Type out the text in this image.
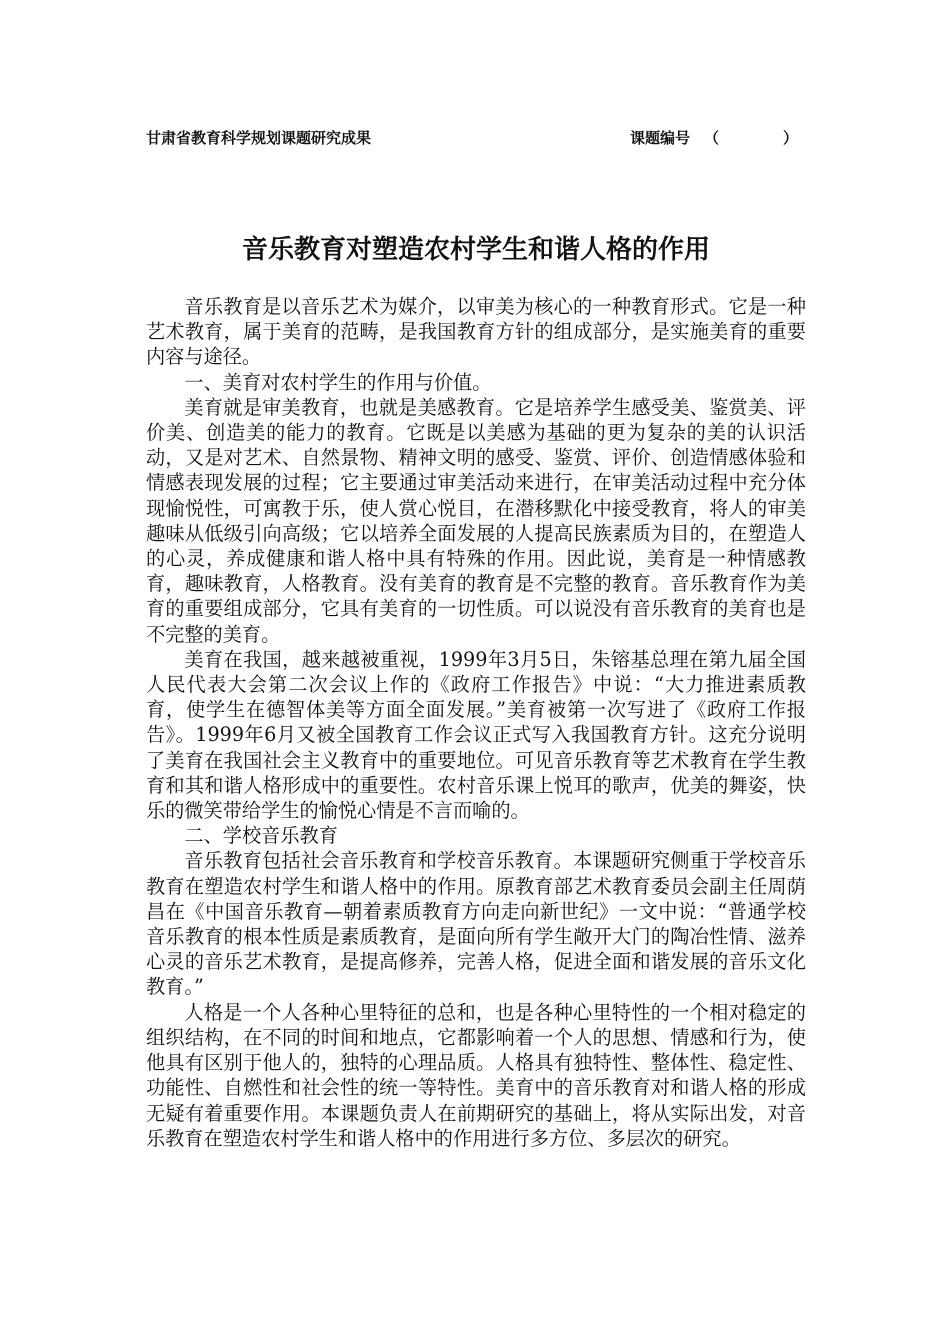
甘肃省教育科学规划课题研究成果	课题编号 （	）
音乐教育对塑造农村学生和谐人格的作用

音乐教育是以音乐艺术为媒介，以审美为核心的一种教育形式。它是一种艺术教育，属于美育的范畴，是我国教育方针的组成部分，是实施美育的重要内容与途径。

一、美育对农村学生的作用与价值。

美育就是审美教育，也就是美感教育。它是培养学生感受美、鉴赏美、评价美、创造美的能力的教育。它既是以美感为基础的更为复杂的美的认识活动，又是对艺术、自然景物、精神文明的感受、鉴赏、评价、创造情感体验和情感表现发展的过程；它主要通过审美活动来进行，在审美活动过程中充分体现愉悦性，可寓教于乐，使人赏心悦目，在潜移默化中接受教育，将人的审美趣味从低级引向高级；它以培养全面发展的人提高民族素质为目的，在塑造人的心灵，养成健康和谐人格中具有特殊的作用。因此说，美育是一种情感教育，趣味教育，人格教育。没有美育的教育是不完整的教育。音乐教育作为美育的重要组成部分，它具有美育的一切性质。可以说没有音乐教育的美育也是不完整的美育。

美育在我国，越来越被重视，1999年3月5日，朱镕基总理在第九届全国人民代表大会第二次会议上作的《政府工作报告》中说：“大力推进素质教育，使学生在德智体美等方面全面发展。”美育被第一次写进了《政府工作报告》。1999年6月又被全国教育工作会议正式写入我国教育方针。这充分说明了美育在我国社会主义教育中的重要地位。可见音乐教育等艺术教育在学生教育和其和谐人格形成中的重要性。农村音乐课上悦耳的歌声，优美的舞姿，快乐的微笑带给学生的愉悦心情是不言而喻的。

二、学校音乐教育

音乐教育包括社会音乐教育和学校音乐教育。本课题研究侧重于学校音乐教育在塑造农村学生和谐人格中的作用。原教育部艺术教育委员会副主任周荫昌在《中国音乐教育—朝着素质教育方向走向新世纪》一文中说：“普通学校音乐教育的根本性质是素质教育，是面向所有学生敞开大门的陶冶性情、滋养心灵的音乐艺术教育，是提高修养，完善人格，促进全面和谐发展的音乐文化教育。”

人格是一个人各种心里特征的总和，也是各种心里特性的一个相对稳定的组织结构，在不同的时间和地点，它都影响着一个人的思想、情感和行为，使他具有区别于他人的，独特的心理品质。人格具有独特性、整体性、稳定性、功能性、自燃性和社会性的统一等特性。美育中的音乐教育对和谐人格的形成无疑有着重要作用。本课题负责人在前期研究的基础上，将从实际出发，对音乐教育在塑造农村学生和谐人格中的作用进行多方位、多层次的研究。
